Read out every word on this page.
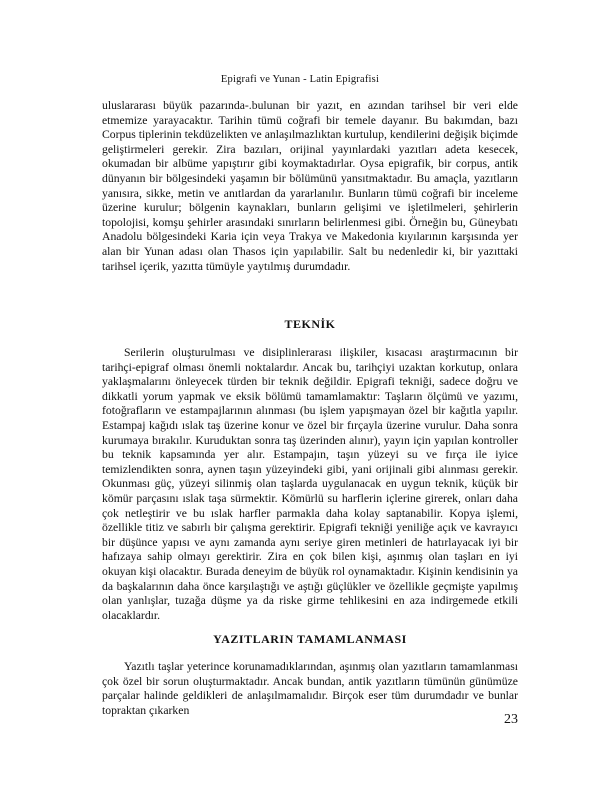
Epigrafi ve Yunan - Latin Epigrafisi

uluslararası büyük pazarında-.bulunan bir yazıt, en azından tarihsel bir veri elde etmemize yarayacaktır. Tarihin tümü coğrafi bir temele dayanır. Bu bakımdan, bazı Corpus tiplerinin tekdüzelikten ve anlaşılmazlıktan kurtulup, kendilerini değişik biçimde geliştirmeleri gerekir. Zira bazıları, orijinal yayınlardaki yazıtları adeta kesecek, okumadan bir albüme yapıştırır gibi koymaktadırlar. Oysa epigrafik, bir corpus, antik dünyanın bir bölgesindeki yaşamın bir bölümünü yansıtmaktadır. Bu amaçla, yazıtların yanısıra, sikke, metin ve anıtlardan da yararlanılır. Bunların tümü coğrafi bir inceleme üzerine kurulur; bölgenin kaynakları, bunların gelişimi ve işletilmeleri, şehirlerin topolojisi, komşu şehirler arasındaki sınırların belirlenmesi gibi. Örneğin bu, Güneybatı Anadolu bölgesindeki Karia için veya Trakya ve Makedonia kıyılarının karşısında yer alan bir Yunan adası olan Thasos için yapılabilir. Salt bu nedenledir ki, bir yazıttaki tarihsel içerik, yazıtta tümüyle yaytılmış durumdadır.

TEKNİK

Serilerin oluşturulması ve disiplinlerarası ilişkiler, kısacası araştırmacının bir tarihçi-epigraf olması önemli noktalardır. Ancak bu, tarihçiyi uzaktan korkutup, onlara yaklaşmalarını önleyecek türden bir teknik değildir. Epigrafi tekniği, sadece doğru ve dikkatli yorum yapmak ve eksik bölümü tamamlamaktır: Taşların ölçümü ve yazımı, fotoğrafların ve estampajlarının alınması (bu işlem yapışmayan özel bir kağıtla yapılır. Estampaj kağıdı ıslak taş üzerine konur ve özel bir fırçayla üzerine vurulur. Daha sonra kurumaya bırakılır. Kuruduktan sonra taş üzerinden alınır), yayın için yapılan kontroller bu teknik kapsamında yer alır. Estampajın, taşın yüzeyi su ve fırça ile iyice temizlendikten sonra, aynen taşın yüzeyindeki gibi, yani orijinali gibi alınması gerekir. Okunması güç, yüzeyi silinmiş olan taşlarda uygulanacak en uygun teknik, küçük bir kömür parçasını ıslak taşa sürmektir. Kömürlü su harflerin içlerine girerek, onları daha çok netleştirir ve bu ıslak harfler parmakla daha kolay saptanabilir. Kopya işlemi, özellikle titiz ve sabırlı bir çalışma gerektirir. Epigrafi tekniği yeniliğe açık ve kavrayıcı bir düşünce yapısı ve aynı zamanda aynı seriye giren metinleri de hatırlayacak iyi bir hafızaya sahip olmayı gerektirir. Zira en çok bilen kişi, aşınmış olan taşları en iyi okuyan kişi olacaktır. Burada deneyim de büyük rol oynamaktadır. Kişinin kendisinin ya da başkalarının daha önce karşılaştığı ve aştığı güçlükler ve özellikle geçmişte yapılmış olan yanlışlar, tuzağa düşme ya da riske girme tehlikesini en aza indirgemede etkili olacaklardır.

YAZITLARIN TAMAMLANMASI

Yazıtlı taşlar yeterince korunamadıklarından, aşınmış olan yazıtların tamamlanması çok özel bir sorun oluşturmaktadır. Ancak bundan, antik yazıtların tümünün günümüze parçalar halinde geldikleri de anlaşılmamalıdır. Birçok eser tüm durumdadır ve bunlar topraktan çıkarken

23
